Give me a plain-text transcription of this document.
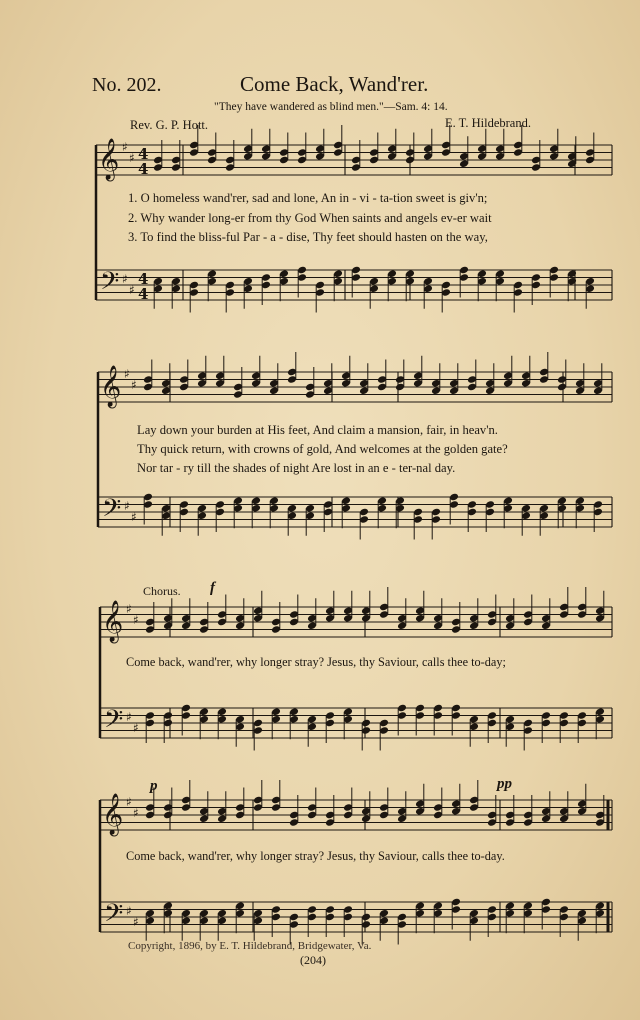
No. 202.	Come Back, Wand'rer.
"They have wandered as blind men."—Sam. 4: 14.
Rev. G. P. Hott.	E. T. Hildebrand.
1. O homeless wand'rer, sad and lone, An in - vi - ta-tion sweet is giv'n;
2. Why wander long-er from thy God When saints and angels ev-er wait
3. To find the bliss-ful Par - a - dise, Thy feet should hasten on the way,
Lay down your burden at His feet, And claim a mansion, fair, in heav'n.
Thy quick return, with crowns of gold, And welcomes at the golden gate?
Nor tar - ry till the shades of night Are lost in an e - ter-nal day.
Chorus. f
Come back, wand'rer, why longer stray? Jesus, thy Saviour, calls thee to-day;
p	pp
Come back, wand'rer, why longer stray? Jesus, thy Saviour, calls thee to-day.
Copyright, 1896, by E. T. Hildebrand, Bridgewater, Va.
(204)
𝄞
𝄢
♯
♯
♯
♯
4
4
4
4
𝄞
𝄢
♯
♯
♯
♯
𝄞
𝄢
♯
♯
♯
♯
𝄞
𝄢
♯
♯
♯
♯
